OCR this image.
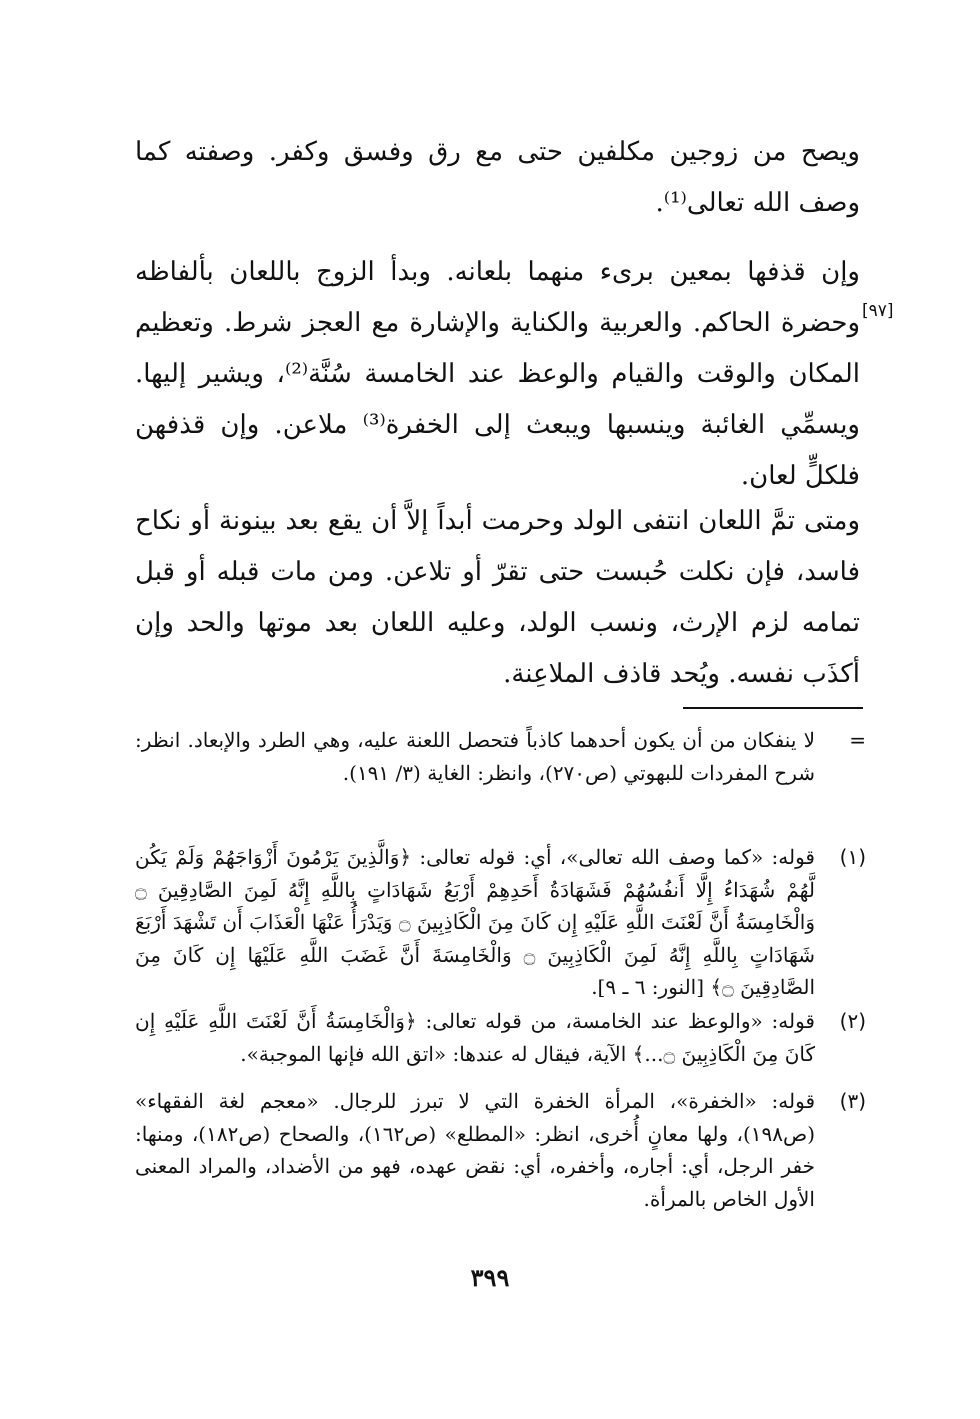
ويصح من زوجين مكلفين حتى مع رق وفسق وكفر. وصفته كما وصف الله تعالى⁽¹⁾.

وإن قذفها بمعين برىء منهما بلعانه. وبدأ الزوج باللعان بألفاظه وحضرة الحاكم. والعربية والكناية والإشارة مع العجز شرط. وتعظيم المكان والوقت والقيام والوعظ عند الخامسة سُنَّة⁽²⁾، ويشير إليها. ويسمِّي الغائبة وينسبها ويبعث إلى الخفرة⁽³⁾ ملاعن. وإن قذفهن فلكلٍّ لعان.

[٩٧]

ومتى تمَّ اللعان انتفى الولد وحرمت أبداً إلاَّ أن يقع بعد بينونة أو نكاح فاسد، فإن نكلت حُبست حتى تقرّ أو تلاعن. ومن مات قبله أو قبل تمامه لزم الإرث، ونسب الولد، وعليه اللعان بعد موتها والحد وإن أكذَب نفسه. ويُحد قاذف الملاعِنة.

=

لا ينفكان من أن يكون أحدهما كاذباً فتحصل اللعنة عليه، وهي الطرد والإبعاد. انظر: شرح المفردات للبهوتي (ص٢٧٠)، وانظر: الغاية (٣/ ١٩١).

(١)

قوله: «كما وصف الله تعالى»، أي: قوله تعالى: ﴿وَالَّذِينَ يَرْمُونَ أَزْوَاجَهُمْ وَلَمْ يَكُن لَّهُمْ شُهَدَاءُ إِلَّا أَنفُسُهُمْ فَشَهَادَةُ أَحَدِهِمْ أَرْبَعُ شَهَادَاتٍ بِاللَّهِ إِنَّهُ لَمِنَ الصَّادِقِينَ ۝ وَالْخَامِسَةُ أَنَّ لَعْنَتَ اللَّهِ عَلَيْهِ إِن كَانَ مِنَ الْكَاذِبِينَ ۝ وَيَدْرَأُ عَنْهَا الْعَذَابَ أَن تَشْهَدَ أَرْبَعَ شَهَادَاتٍ بِاللَّهِ إِنَّهُ لَمِنَ الْكَاذِبِينَ ۝ وَالْخَامِسَةَ أَنَّ غَضَبَ اللَّهِ عَلَيْهَا إِن كَانَ مِنَ الصَّادِقِينَ ۝﴾ [النور: ٦ ـ ٩].

(٢)

قوله: «والوعظ عند الخامسة، من قوله تعالى: ﴿وَالْخَامِسَةُ أَنَّ لَعْنَتَ اللَّهِ عَلَيْهِ إِن كَانَ مِنَ الْكَاذِبِينَ ۝...﴾ الآية، فيقال له عندها: «اتق الله فإنها الموجبة».

(٣)

قوله: «الخفرة»، المرأة الخفرة التي لا تبرز للرجال. «معجم لغة الفقهاء» (ص١٩٨)، ولها معانٍ أُخرى، انظر: «المطلع» (ص١٦٢)، والصحاح (ص١٨٢)، ومنها: خفر الرجل، أي: أجاره، وأخفره، أي: نقض عهده، فهو من الأضداد، والمراد المعنى الأول الخاص بالمرأة.

٣٩٩
